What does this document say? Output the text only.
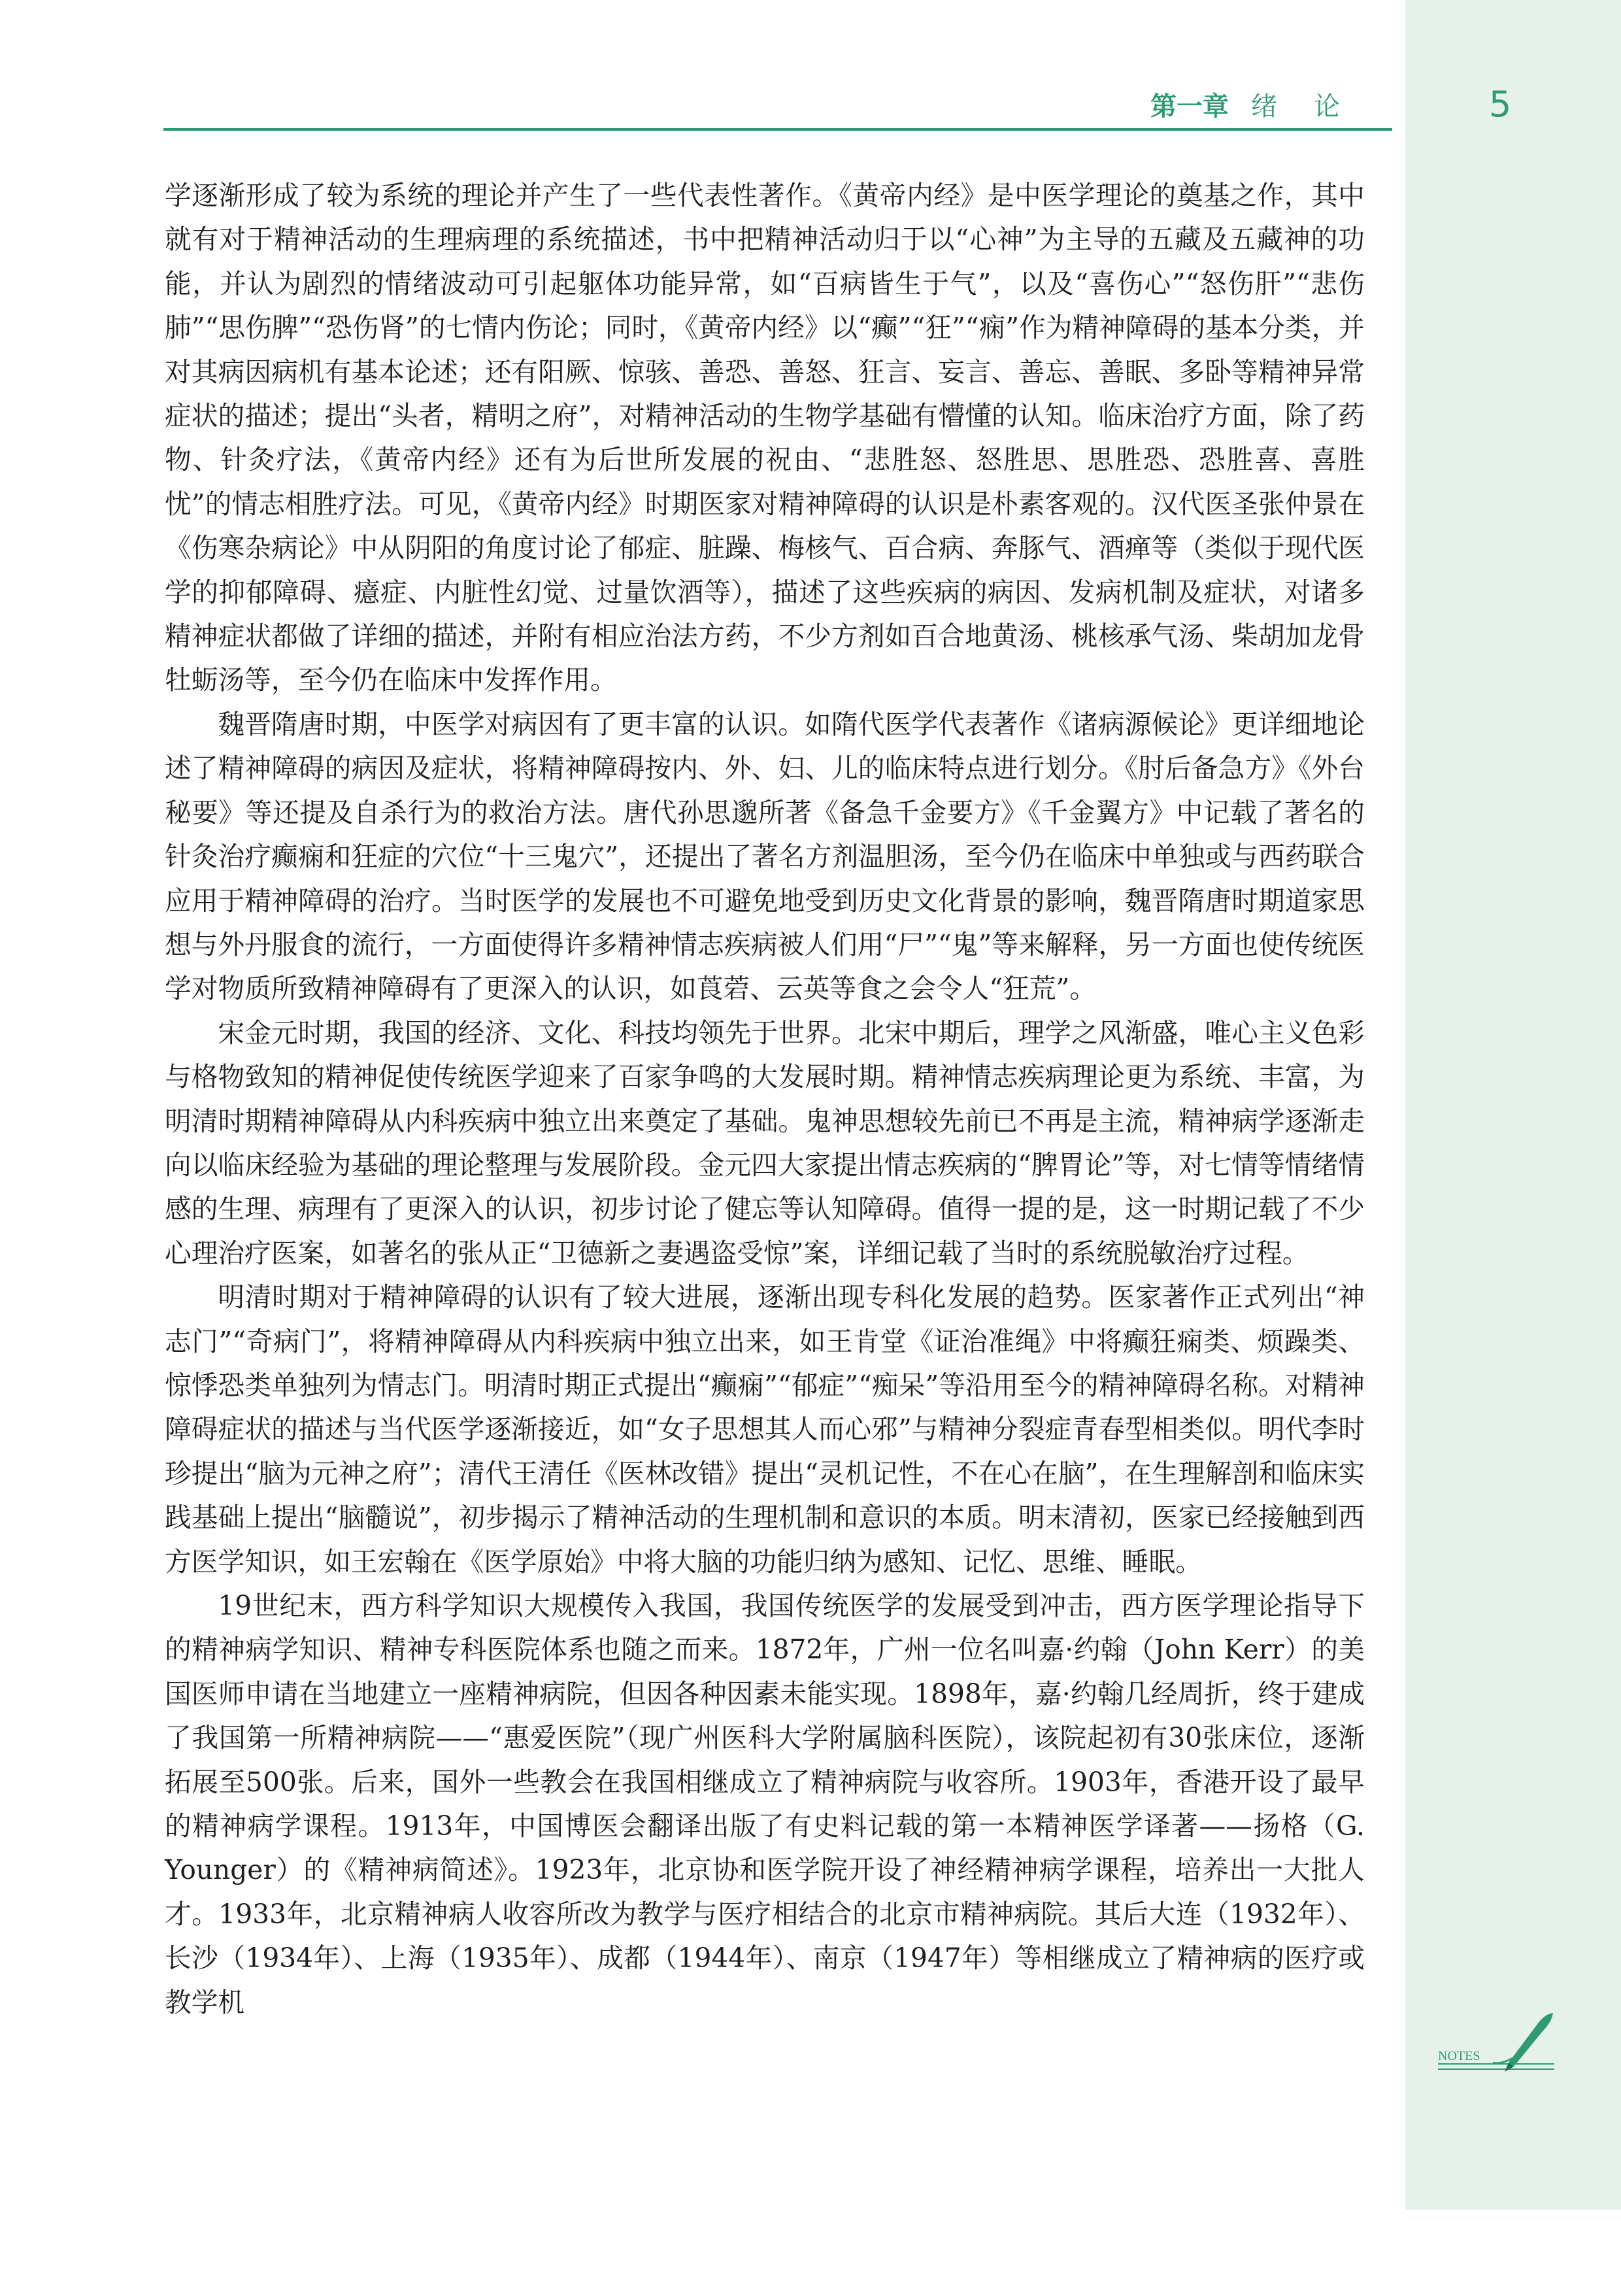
第一章 绪论	5

学逐渐形成了较为系统的理论并产生了一些代表性著作。《黄帝内经》是中医学理论的奠基之作，其中就有对于精神活动的生理病理的系统描述，书中把精神活动归于以“心神”为主导的五藏及五藏神的功能，并认为剧烈的情绪波动可引起躯体功能异常，如“百病皆生于气”，以及“喜伤心”“怒伤肝”“悲伤肺”“思伤脾”“恐伤肾”的七情内伤论；同时，《黄帝内经》以“癫”“狂”“痫”作为精神障碍的基本分类，并对其病因病机有基本论述；还有阳厥、惊骇、善恐、善怒、狂言、妄言、善忘、善眠、多卧等精神异常症状的描述；提出“头者，精明之府”，对精神活动的生物学基础有懵懂的认知。临床治疗方面，除了药物、针灸疗法，《黄帝内经》还有为后世所发展的祝由、“悲胜怒、怒胜思、思胜恐、恐胜喜、喜胜忧”的情志相胜疗法。可见，《黄帝内经》时期医家对精神障碍的认识是朴素客观的。汉代医圣张仲景在《伤寒杂病论》中从阴阳的角度讨论了郁症、脏躁、梅核气、百合病、奔豚气、酒瘅等（类似于现代医学的抑郁障碍、癔症、内脏性幻觉、过量饮酒等），描述了这些疾病的病因、发病机制及症状，对诸多精神症状都做了详细的描述，并附有相应治法方药，不少方剂如百合地黄汤、桃核承气汤、柴胡加龙骨牡蛎汤等，至今仍在临床中发挥作用。

魏晋隋唐时期，中医学对病因有了更丰富的认识。如隋代医学代表著作《诸病源候论》更详细地论述了精神障碍的病因及症状，将精神障碍按内、外、妇、儿的临床特点进行划分。《肘后备急方》《外台秘要》等还提及自杀行为的救治方法。唐代孙思邈所著《备急千金要方》《千金翼方》中记载了著名的针灸治疗癫痫和狂症的穴位“十三鬼穴”，还提出了著名方剂温胆汤，至今仍在临床中单独或与西药联合应用于精神障碍的治疗。当时医学的发展也不可避免地受到历史文化背景的影响，魏晋隋唐时期道家思想与外丹服食的流行，一方面使得许多精神情志疾病被人们用“尸”“鬼”等来解释，另一方面也使传统医学对物质所致精神障碍有了更深入的认识，如莨菪、云英等食之会令人“狂荒”。

宋金元时期，我国的经济、文化、科技均领先于世界。北宋中期后，理学之风渐盛，唯心主义色彩与格物致知的精神促使传统医学迎来了百家争鸣的大发展时期。精神情志疾病理论更为系统、丰富，为明清时期精神障碍从内科疾病中独立出来奠定了基础。鬼神思想较先前已不再是主流，精神病学逐渐走向以临床经验为基础的理论整理与发展阶段。金元四大家提出情志疾病的“脾胃论”等，对七情等情绪情感的生理、病理有了更深入的认识，初步讨论了健忘等认知障碍。值得一提的是，这一时期记载了不少心理治疗医案，如著名的张从正“卫德新之妻遇盗受惊”案，详细记载了当时的系统脱敏治疗过程。

明清时期对于精神障碍的认识有了较大进展，逐渐出现专科化发展的趋势。医家著作正式列出“神志门”“奇病门”，将精神障碍从内科疾病中独立出来，如王肯堂《证治准绳》中将癫狂痫类、烦躁类、惊悸恐类单独列为情志门。明清时期正式提出“癫痫”“郁症”“痴呆”等沿用至今的精神障碍名称。对精神障碍症状的描述与当代医学逐渐接近，如“女子思想其人而心邪”与精神分裂症青春型相类似。明代李时珍提出“脑为元神之府”；清代王清任《医林改错》提出“灵机记性，不在心在脑”，在生理解剖和临床实践基础上提出“脑髓说”，初步揭示了精神活动的生理机制和意识的本质。明末清初，医家已经接触到西方医学知识，如王宏翰在《医学原始》中将大脑的功能归纳为感知、记忆、思维、睡眠。

19世纪末，西方科学知识大规模传入我国，我国传统医学的发展受到冲击，西方医学理论指导下的精神病学知识、精神专科医院体系也随之而来。1872年，广州一位名叫嘉·约翰（John Kerr）的美国医师申请在当地建立一座精神病院，但因各种因素未能实现。1898年，嘉·约翰几经周折，终于建成了我国第一所精神病院——“惠爱医院”（现广州医科大学附属脑科医院），该院起初有30张床位，逐渐拓展至500张。后来，国外一些教会在我国相继成立了精神病院与收容所。1903年，香港开设了最早的精神病学课程。1913年，中国博医会翻译出版了有史料记载的第一本精神医学译著——扬格（G. Younger）的《精神病简述》。1923年，北京协和医学院开设了神经精神病学课程，培养出一大批人才。1933年，北京精神病人收容所改为教学与医疗相结合的北京市精神病院。其后大连（1932年）、长沙（1934年）、上海（1935年）、成都（1944年）、南京（1947年）等相继成立了精神病的医疗或教学机

NOTES
